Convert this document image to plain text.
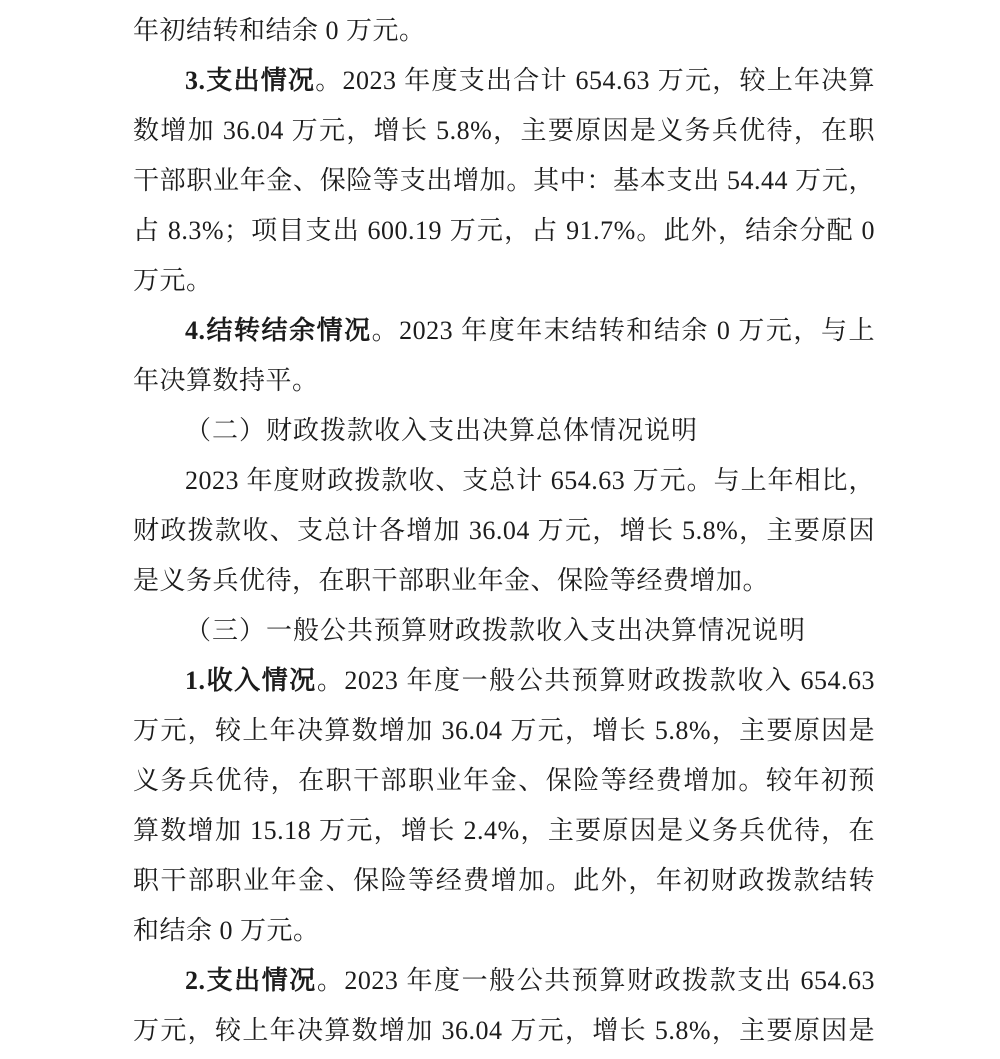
年初结转和结余 0 万元。
3.支出情况。2023 年度支出合计 654.63 万元，较上年决算
数增加 36.04 万元，增长 5.8%，主要原因是义务兵优待，在职
干部职业年金、保险等支出增加。其中：基本支出 54.44 万元，
占 8.3%；项目支出 600.19 万元，占 91.7%。此外，结余分配 0
万元。
4.结转结余情况。2023 年度年末结转和结余 0 万元，与上
年决算数持平。
（二）财政拨款收入支出决算总体情况说明
2023 年度财政拨款收、支总计 654.63 万元。与上年相比，
财政拨款收、支总计各增加 36.04 万元，增长 5.8%，主要原因
是义务兵优待，在职干部职业年金、保险等经费增加。
（三）一般公共预算财政拨款收入支出决算情况说明
1.收入情况。2023 年度一般公共预算财政拨款收入 654.63
万元，较上年决算数增加 36.04 万元，增长 5.8%，主要原因是
义务兵优待，在职干部职业年金、保险等经费增加。较年初预
算数增加 15.18 万元，增长 2.4%，主要原因是义务兵优待，在
职干部职业年金、保险等经费增加。此外，年初财政拨款结转
和结余 0 万元。
2.支出情况。2023 年度一般公共预算财政拨款支出 654.63
万元，较上年决算数增加 36.04 万元，增长 5.8%，主要原因是
